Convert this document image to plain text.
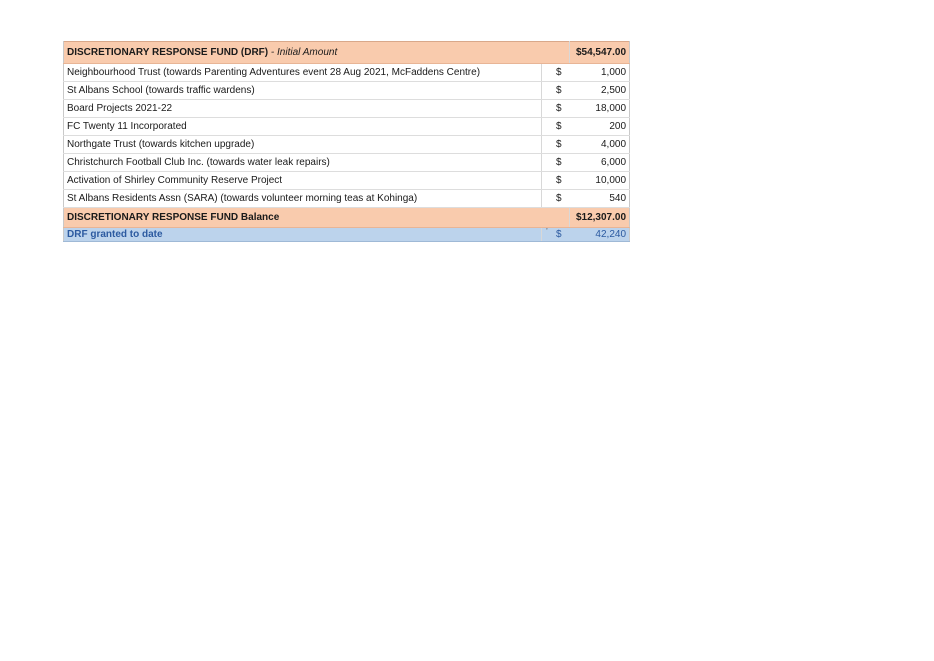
DISCRETIONARY RESPONSE FUND (DRF) - Initial Amount		$54,547.00
Neighbourhood Trust (towards Parenting Adventures event 28 Aug 2021, McFaddens Centre)	$	1,000
St Albans School (towards traffic wardens)	$	2,500
Board Projects 2021-22	$	18,000
FC Twenty 11 Incorporated	$	200
Northgate Trust (towards kitchen upgrade)	$	4,000
Christchurch Football Club Inc. (towards water leak repairs)	$	6,000
Activation of Shirley Community Reserve Project	$	10,000
St Albans Residents Assn (SARA) (towards volunteer morning teas at Kohinga)	$	540
DISCRETIONARY RESPONSE FUND Balance		$12,307.00
DRF granted to date	’ $	42,240
